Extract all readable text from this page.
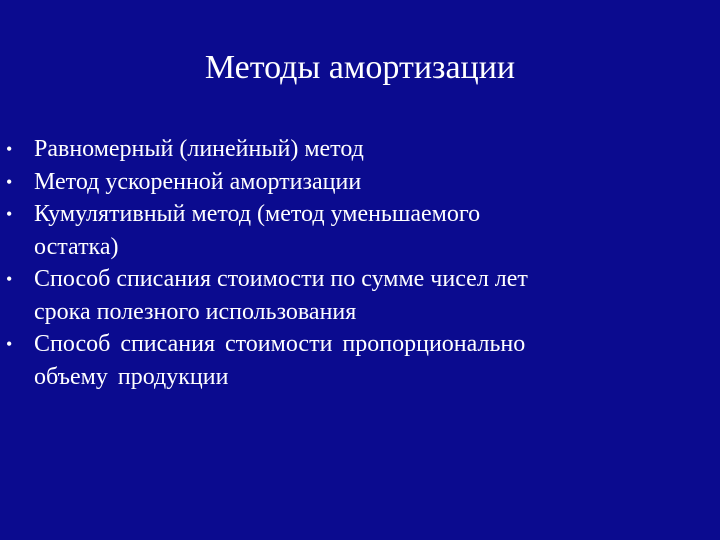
Методы амортизации
• Равномерный (линейный) метод
• Метод ускоренной амортизации
• Кумулятивный метод (метод уменьшаемого
остатка)
• Способ списания стоимости по сумме чисел лет
срока полезного использования
• Способ списания стоимости пропорционально
объему продукции
